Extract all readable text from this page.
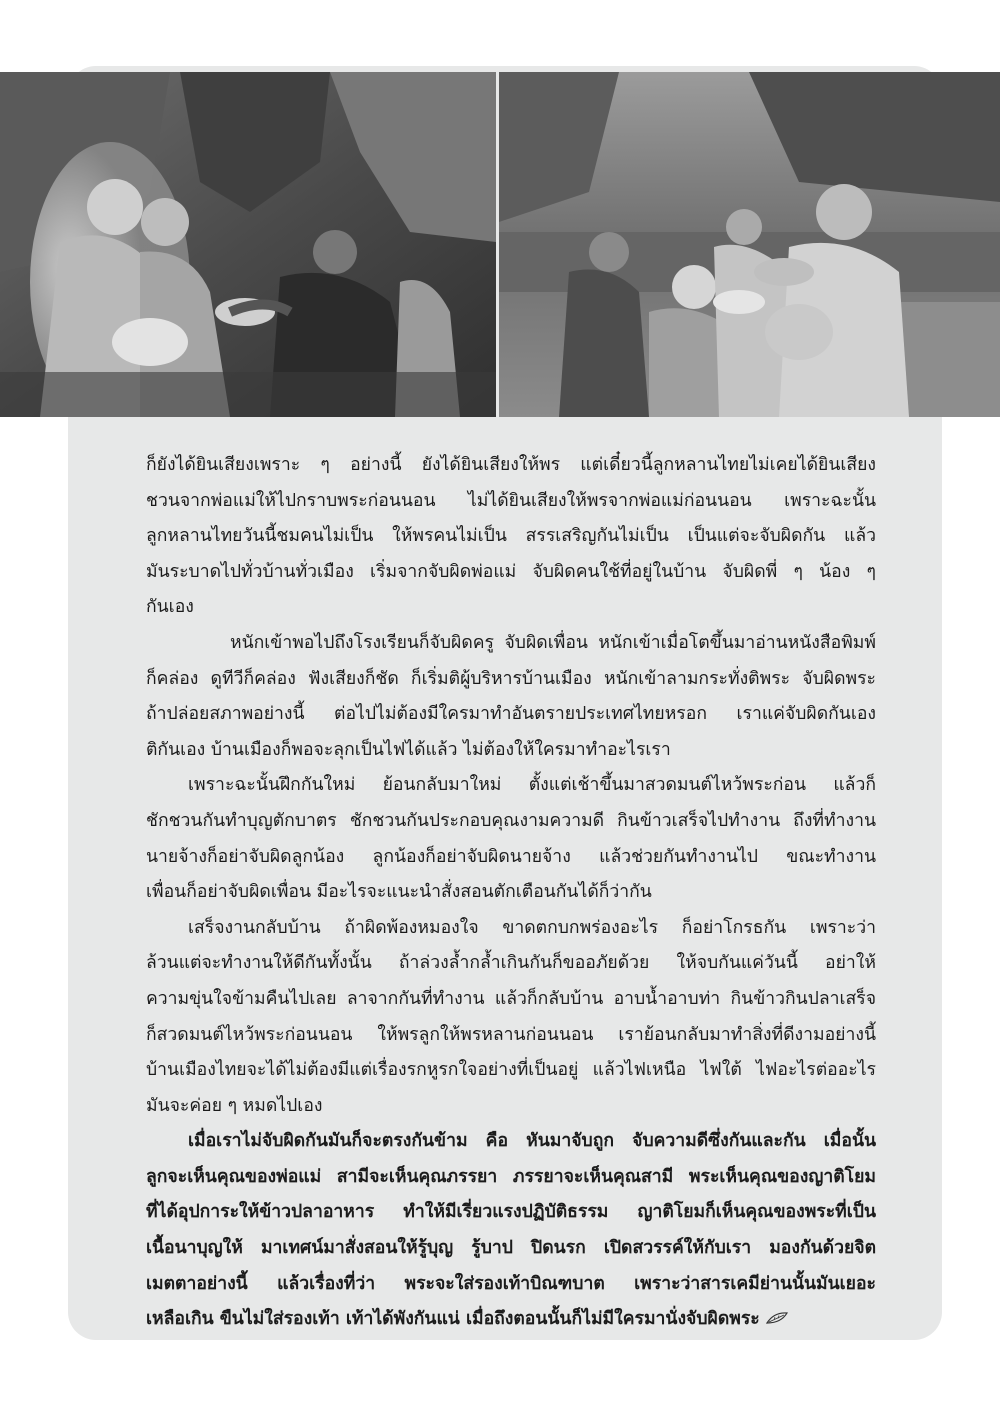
ก็ยังได้ยินเสียงเพราะ ๆ อย่างนี้ ยังได้ยินเสียงให้พร แต่เดี๋ยวนี้ลูกหลานไทยไม่เคยได้ยินเสียง
ชวนจากพ่อแม่ให้ไปกราบพระก่อนนอน ไม่ได้ยินเสียงให้พรจากพ่อแม่ก่อนนอน เพราะฉะนั้น
ลูกหลานไทยวันนี้ชมคนไม่เป็น ให้พรคนไม่เป็น สรรเสริญกันไม่เป็น เป็นแต่จะจับผิดกัน แล้ว
มันระบาดไปทั่วบ้านทั่วเมือง เริ่มจากจับผิดพ่อแม่ จับผิดคนใช้ที่อยู่ในบ้าน จับผิดพี่ ๆ น้อง ๆ
กันเอง

หนักเข้าพอไปถึงโรงเรียนก็จับผิดครู จับผิดเพื่อน หนักเข้าเมื่อโตขึ้นมาอ่านหนังสือพิมพ์
ก็คล่อง ดูทีวีก็คล่อง ฟังเสียงก็ชัด ก็เริ่มติผู้บริหารบ้านเมือง หนักเข้าลามกระทั่งติพระ จับผิดพระ
ถ้าปล่อยสภาพอย่างนี้ ต่อไปไม่ต้องมีใครมาทำอันตรายประเทศไทยหรอก เราแค่จับผิดกันเอง
ติกันเอง บ้านเมืองก็พอจะลุกเป็นไฟได้แล้ว ไม่ต้องให้ใครมาทำอะไรเรา

เพราะฉะนั้นฝึกกันใหม่ ย้อนกลับมาใหม่ ตั้งแต่เช้าขึ้นมาสวดมนต์ไหว้พระก่อน แล้วก็
ชักชวนกันทำบุญตักบาตร ชักชวนกันประกอบคุณงามความดี กินข้าวเสร็จไปทำงาน ถึงที่ทำงาน
นายจ้างก็อย่าจับผิดลูกน้อง ลูกน้องก็อย่าจับผิดนายจ้าง แล้วช่วยกันทำงานไป ขณะทำงาน
เพื่อนก็อย่าจับผิดเพื่อน มีอะไรจะแนะนำสั่งสอนตักเตือนกันได้ก็ว่ากัน

เสร็จงานกลับบ้าน ถ้าผิดพ้องหมองใจ ขาดตกบกพร่องอะไร ก็อย่าโกรธกัน เพราะว่า
ล้วนแต่จะทำงานให้ดีกันทั้งนั้น ถ้าล่วงล้ำกล้ำเกินกันก็ขออภัยด้วย ให้จบกันแค่วันนี้ อย่าให้
ความขุ่นใจข้ามคืนไปเลย ลาจากกันที่ทำงาน แล้วก็กลับบ้าน อาบน้ำอาบท่า กินข้าวกินปลาเสร็จ
ก็สวดมนต์ไหว้พระก่อนนอน ให้พรลูกให้พรหลานก่อนนอน เราย้อนกลับมาทำสิ่งที่ดีงามอย่างนี้
บ้านเมืองไทยจะได้ไม่ต้องมีแต่เรื่องรกหูรกใจอย่างที่เป็นอยู่ แล้วไฟเหนือ ไฟใต้ ไฟอะไรต่ออะไร
มันจะค่อย ๆ หมดไปเอง

เมื่อเราไม่จับผิดกันมันก็จะตรงกันข้าม คือ หันมาจับถูก จับความดีซึ่งกันและกัน เมื่อนั้น
ลูกจะเห็นคุณของพ่อแม่ สามีจะเห็นคุณภรรยา ภรรยาจะเห็นคุณสามี พระเห็นคุณของญาติโยม
ที่ได้อุปการะให้ข้าวปลาอาหาร ทำให้มีเรี่ยวแรงปฏิบัติธรรม ญาติโยมก็เห็นคุณของพระที่เป็น
เนื้อนาบุญให้ มาเทศน์มาสั่งสอนให้รู้บุญ รู้บาป ปิดนรก เปิดสวรรค์ให้กับเรา มองกันด้วยจิต
เมตตาอย่างนี้ แล้วเรื่องที่ว่า พระจะใส่รองเท้าบิณฑบาต เพราะว่าสารเคมีย่านนั้นมันเยอะ
เหลือเกิน ขืนไม่ใส่รองเท้า เท้าได้พังกันแน่ เมื่อถึงตอนนั้นก็ไม่มีใครมานั่งจับผิดพระ
